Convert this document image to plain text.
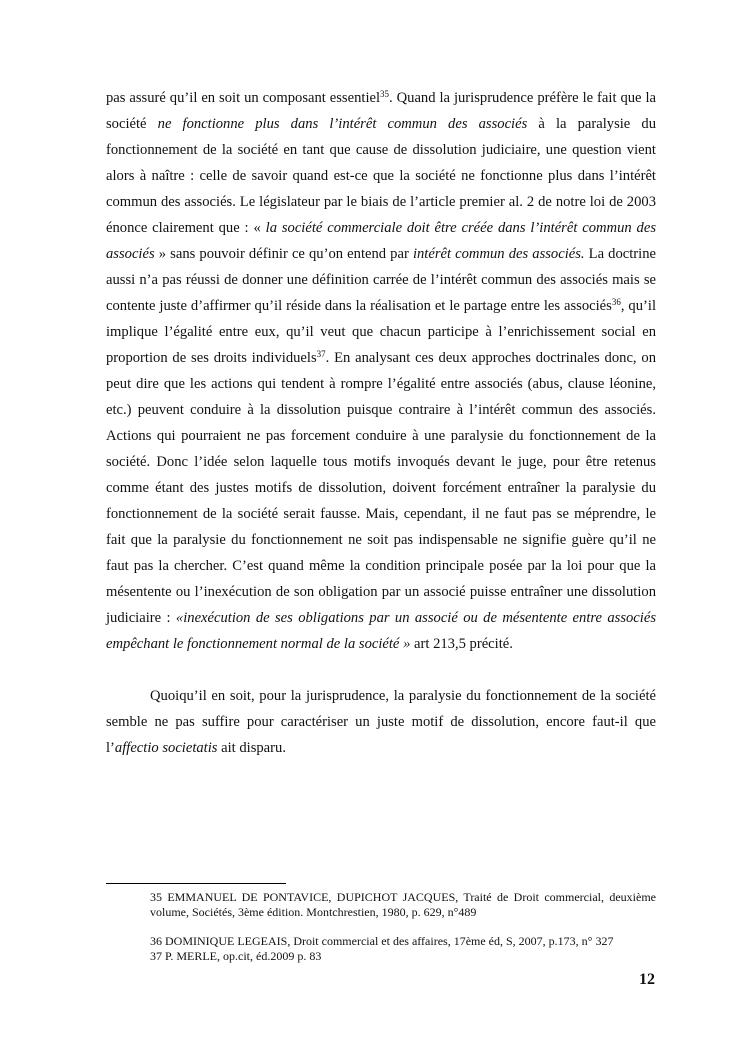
pas assuré qu’il en soit un composant essentiel$^{35}$. Quand la jurisprudence préfère le fait que la société ne fonctionne plus dans l’intérêt commun des associés à la paralysie du fonctionnement de la société en tant que cause de dissolution judiciaire, une question vient alors à naître : celle de savoir quand est-ce que la société ne fonctionne plus dans l’intérêt commun des associés. Le législateur par le biais de l’article premier al. 2 de notre loi de 2003 énonce clairement que : « la société commerciale doit être créée dans l’intérêt commun des associés » sans pouvoir définir ce qu’on entend par intérêt commun des associés. La doctrine aussi n’a pas réussi de donner une définition carrée de l’intérêt commun des associés mais se contente juste d’affirmer qu’il réside dans la réalisation et le partage entre les associés$^{36}$, qu’il implique l’égalité entre eux, qu’il veut que chacun participe à l’enrichissement social en proportion de ses droits individuels$^{37}$. En analysant ces deux approches doctrinales donc, on peut dire que les actions qui tendent à rompre l’égalité entre associés (abus, clause léonine, etc.) peuvent conduire à la dissolution puisque contraire à l’intérêt commun des associés. Actions qui pourraient ne pas forcement conduire à une paralysie du fonctionnement de la société. Donc l’idée selon laquelle tous motifs invoqués devant le juge, pour être retenus comme étant des justes motifs de dissolution, doivent forcément entraîner la paralysie du fonctionnement de la société serait fausse. Mais, cependant, il ne faut pas se méprendre, le fait que la paralysie du fonctionnement ne soit pas indispensable ne signifie guère qu’il ne faut pas la chercher. C’est quand même la condition principale posée par la loi pour que la mésentente ou l’inexécution de son obligation par un associé puisse entraîner une dissolution judiciaire : «inexécution de ses obligations par un associé ou de mésentente entre associés empêchant le fonctionnement normal de la société » art 213,5 précité.

Quoiqu’il en soit, pour la jurisprudence, la paralysie du fonctionnement de la société semble ne pas suffire pour caractériser un juste motif de dissolution, encore faut-il que l’affectio societatis ait disparu.

35 EMMANUEL DE PONTAVICE, DUPICHOT JACQUES, Traité de Droit commercial, deuxième volume, Sociétés, 3ème édition. Montchrestien, 1980, p. 629, n°489

36 DOMINIQUE LEGEAIS, Droit commercial et des affaires, 17ème éd, S, 2007, p.173, n° 327

37 P. MERLE, op.cit, éd.2009 p. 83

12
